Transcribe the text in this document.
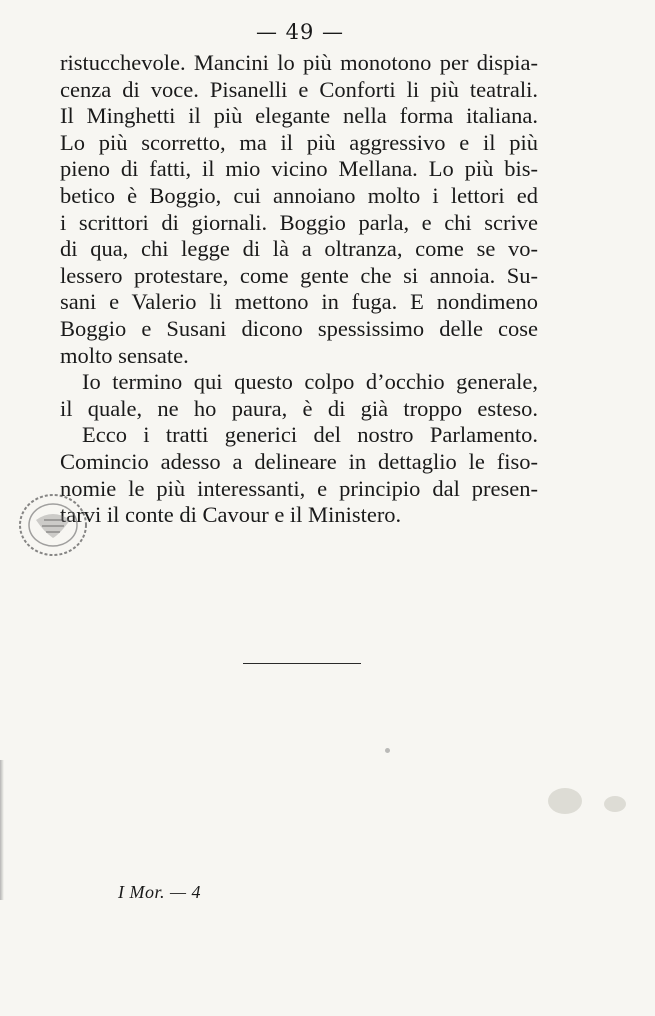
— 49 —
ristucchevole. Mancini lo più monotono per dispia-
cenza di voce. Pisanelli e Conforti li più teatrali.
Il Minghetti il più elegante nella forma italiana.
Lo più scorretto, ma il più aggressivo e il più
pieno di fatti, il mio vicino Mellana. Lo più bis-
betico è Boggio, cui annoiano molto i lettori ed
i scrittori di giornali. Boggio parla, e chi scrive
di qua, chi legge di là a oltranza, come se vo-
lessero protestare, come gente che si annoia. Su-
sani e Valerio li mettono in fuga. E nondimeno
Boggio e Susani dicono spessissimo delle cose
molto sensate.
Io termino qui questo colpo d’occhio generale,
il quale, ne ho paura, è di già troppo esteso.
Ecco i tratti generici del nostro Parlamento.
Comincio adesso a delineare in dettaglio le fiso-
nomie le più interessanti, e principio dal presen-
tarvi il conte di Cavour e il Ministero.
I Mor. — 4
